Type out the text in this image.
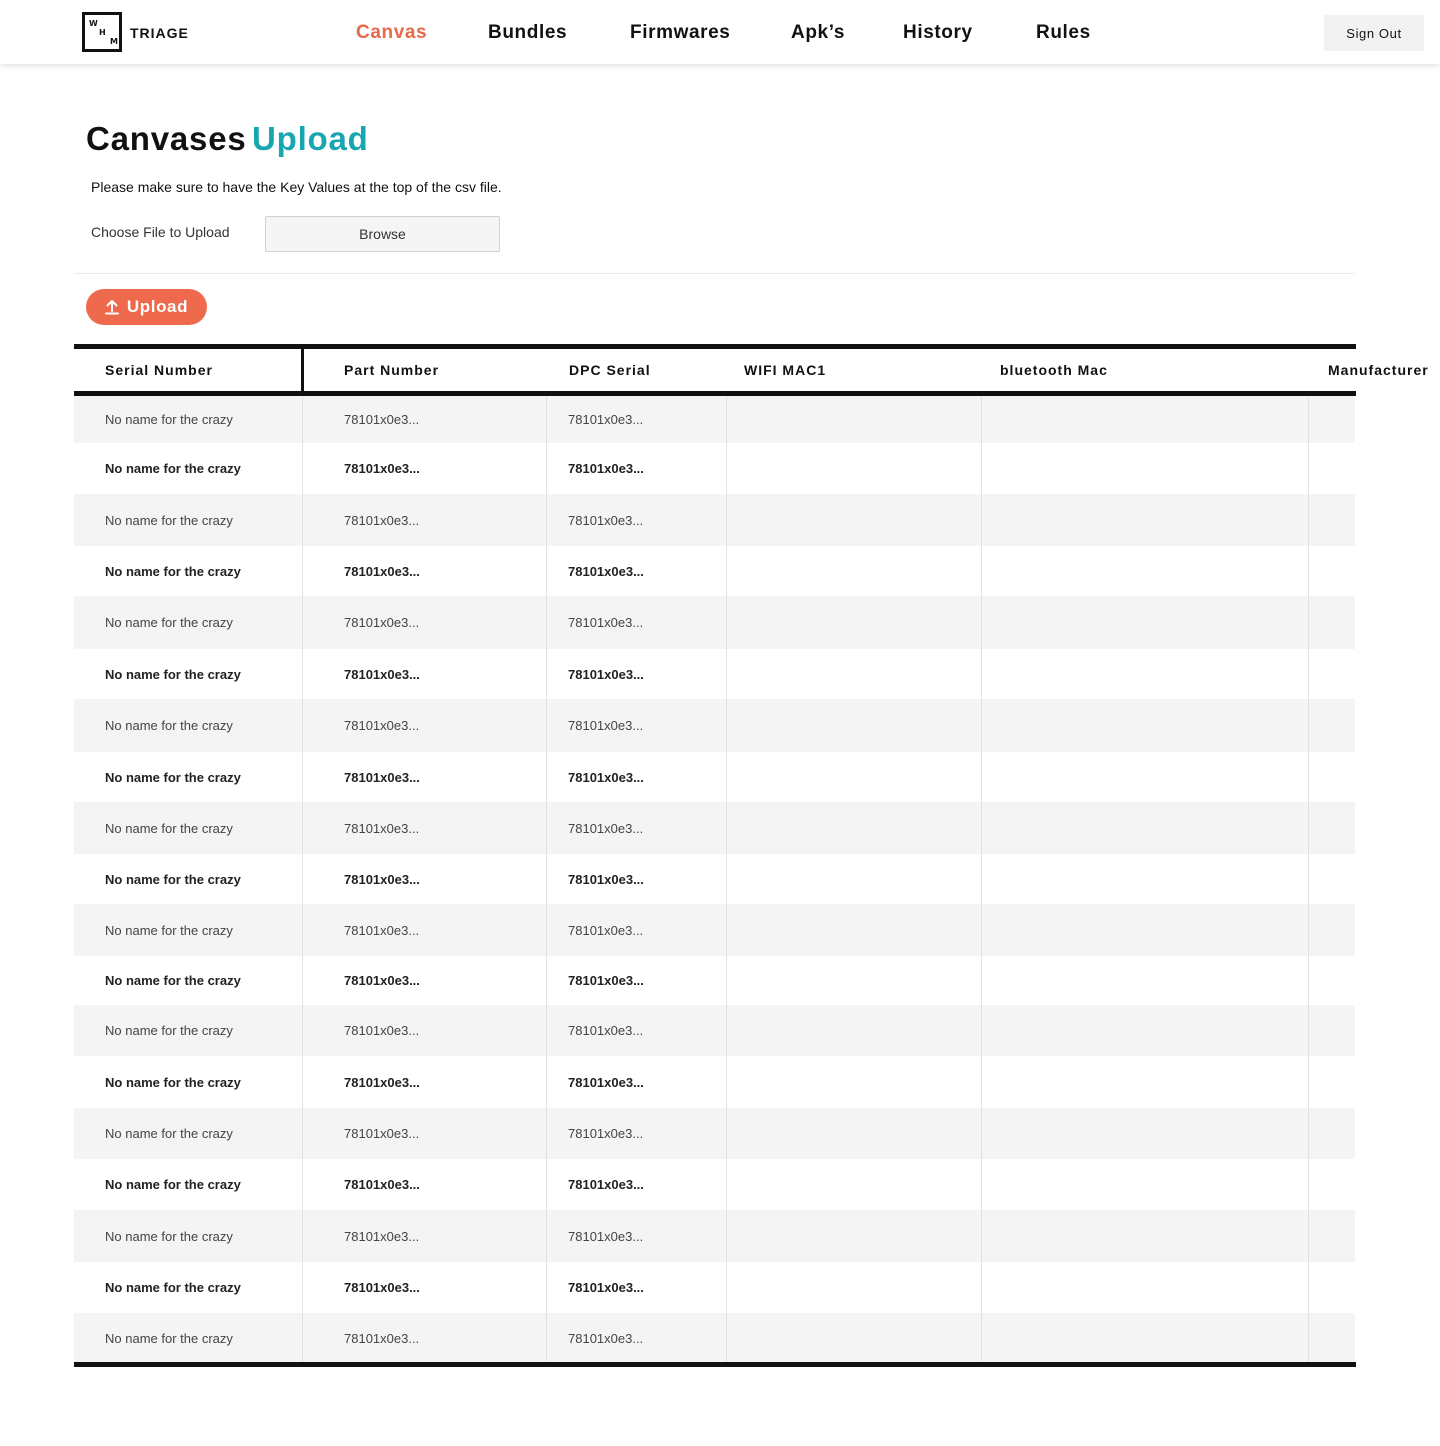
W
H
M
TRIAGE	Canvas	Bundles	Firmwares	Apk’s	History	Rules	Sign Out
Canvases Upload
Please make sure to have the Key Values at the top of the csv file.
Choose File to Upload	Browse
Upload
Serial Number	Part Number	DPC Serial	WIFI MAC1	bluetooth Mac	Manufacturer
No name for the crazy	78101x0e3...	78101x0e3...
No name for the crazy	78101x0e3...	78101x0e3...
No name for the crazy	78101x0e3...	78101x0e3...
No name for the crazy	78101x0e3...	78101x0e3...
No name for the crazy	78101x0e3...	78101x0e3...
No name for the crazy	78101x0e3...	78101x0e3...
No name for the crazy	78101x0e3...	78101x0e3...
No name for the crazy	78101x0e3...	78101x0e3...
No name for the crazy	78101x0e3...	78101x0e3...
No name for the crazy	78101x0e3...	78101x0e3...
No name for the crazy	78101x0e3...	78101x0e3...
No name for the crazy	78101x0e3...	78101x0e3...
No name for the crazy	78101x0e3...	78101x0e3...
No name for the crazy	78101x0e3...	78101x0e3...
No name for the crazy	78101x0e3...	78101x0e3...
No name for the crazy	78101x0e3...	78101x0e3...
No name for the crazy	78101x0e3...	78101x0e3...
No name for the crazy	78101x0e3...	78101x0e3...
No name for the crazy	78101x0e3...	78101x0e3...
